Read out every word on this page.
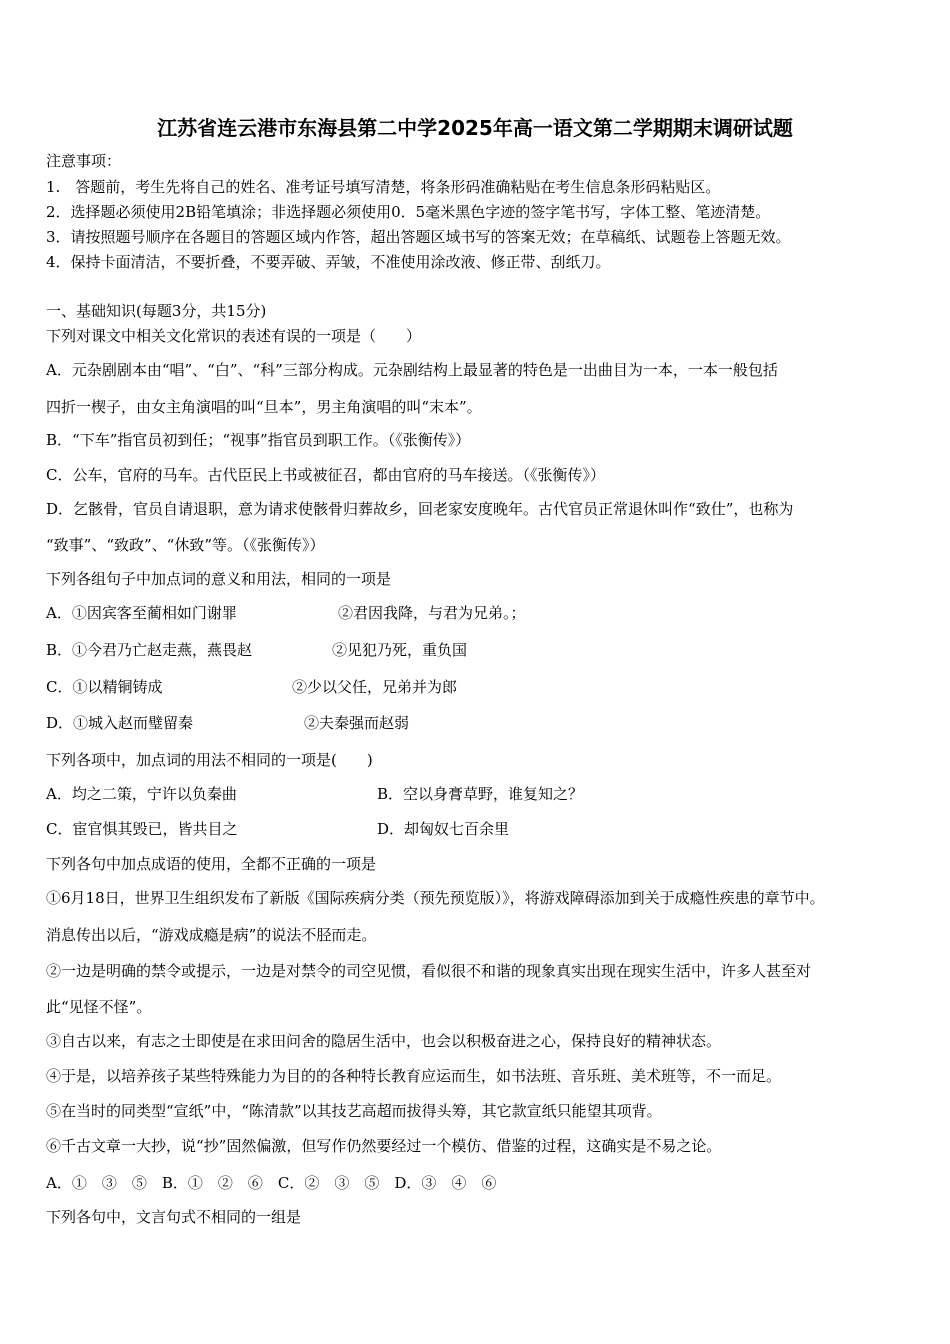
江苏省连云港市东海县第二中学2025年高一语文第二学期期末调研试题
注意事项：
1.　答题前，考生先将自己的姓名、准考证号填写清楚，将条形码准确粘贴在考生信息条形码粘贴区。
2．选择题必须使用2B铅笔填涂；非选择题必须使用0．5毫米黑色字迹的签字笔书写，字体工整、笔迹清楚。
3．请按照题号顺序在各题目的答题区域内作答，超出答题区域书写的答案无效；在草稿纸、试题卷上答题无效。
4．保持卡面清洁，不要折叠，不要弄破、弄皱，不准使用涂改液、修正带、刮纸刀。
一、基础知识(每题3分，共15分)
下列对课文中相关文化常识的表述有误的一项是（　　）
A．元杂剧剧本由“唱”、“白”、“科”三部分构成。元杂剧结构上最显著的特色是一出曲目为一本，一本一般包括
四折一楔子，由女主角演唱的叫“旦本”，男主角演唱的叫“末本”。
B．“下车”指官员初到任；“视事”指官员到职工作。（《张衡传》）
C．公车，官府的马车。古代臣民上书或被征召，都由官府的马车接送。（《张衡传》）
D．乞骸骨，官员自请退职，意为请求使骸骨归葬故乡，回老家安度晚年。古代官员正常退休叫作“致仕”，也称为
“致事”、“致政”、“休致”等。（《张衡传》）
下列各组句子中加点词的意义和用法，相同的一项是
A．①因宾客至蔺相如门谢罪	②君因我降，与君为兄弟。；
B．①今君乃亡赵走燕，燕畏赵	②见犯乃死，重负国
C．①以精铜铸成	②少以父任，兄弟并为郎
D．①城入赵而璧留秦	②夫秦强而赵弱
下列各项中，加点词的用法不相同的一项是(　　)
A．均之二策，宁许以负秦曲	B．空以身膏草野，谁复知之？
C．宦官惧其毁已，皆共目之	D．却匈奴七百余里
下列各句中加点成语的使用，全都不正确的一项是
①6月18日，世界卫生组织发布了新版《国际疾病分类（预先预览版）》，将游戏障碍添加到关于成瘾性疾患的章节中。
消息传出以后，“游戏成瘾是病”的说法不胫而走。
②一边是明确的禁令或提示，一边是对禁令的司空见惯，看似很不和谐的现象真实出现在现实生活中，许多人甚至对
此“见怪不怪”。
③自古以来，有志之士即使是在求田问舍的隐居生活中，也会以积极奋进之心，保持良好的精神状态。
④于是，以培养孩子某些特殊能力为目的的各种特长教育应运而生，如书法班、音乐班、美术班等，不一而足。
⑤在当时的同类型“宣纸”中，“陈清款”以其技艺高超而拔得头筹，其它款宣纸只能望其项背。
⑥千古文章一大抄，说“抄”固然偏激，但写作仍然要经过一个模仿、借鉴的过程，这确实是不易之论。
A．①　③　⑤　B．①　②　⑥　C．②　③　⑤　D．③　④　⑥
下列各句中，文言句式不相同的一组是
